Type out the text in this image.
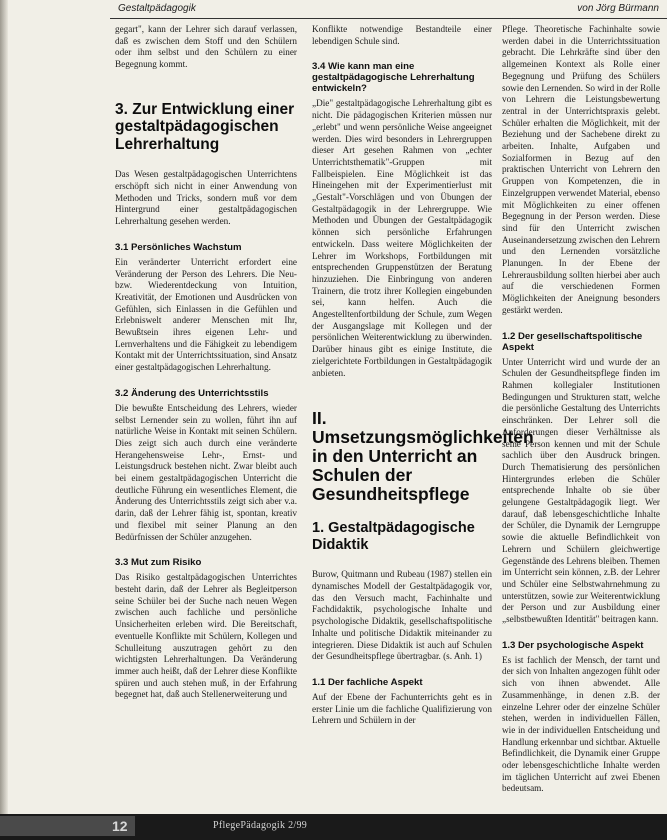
Gestaltpädagogik	von Jörg Bürmann

gegart", kann der Lehrer sich darauf verlassen, daß es zwischen dem Stoff und den Schülern oder ihm selbst und den Schülern zu einer Begegnung kommt.

3. Zur Entwicklung einer gestaltpädagogischen Lehrerhaltung

Das Wesen gestaltpädagogischen Unterrichtens erschöpft sich nicht in einer Anwendung von Methoden und Tricks, sondern muß vor dem Hintergrund einer gestaltpädagogischen Lehrerhaltung gesehen werden.

3.1 Persönliches Wachstum

Ein veränderter Unterricht erfordert eine Veränderung der Person des Lehrers. Die Neu- bzw. Wiederentdeckung von Intuition, Kreativität, der Emotionen und Ausdrücken von Gefühlen, sich Einlassen in die Gefühlen und Erlebniswelt anderer Menschen mit Ihr, Bewußtsein ihres eigenen Lehr- und Lernverhaltens und die Fähigkeit zu lebendigem Kontakt mit der Unterrichtssituation, sind Ansatz einer gestaltpädagogischen Lehrerhaltung.

3.2 Änderung des Unterrichtsstils

Die bewußte Entscheidung des Lehrers, wieder selbst Lernender sein zu wollen, führt ihn auf natürliche Weise in Kontakt mit seinen Schülern. Dies zeigt sich auch durch eine veränderte Herangehensweise Lehr-, Ernst- und Leistungsdruck bestehen nicht. Zwar bleibt auch bei einem gestaltpädagogischen Unterricht die deutliche Führung ein wesentliches Element, die Änderung des Unterrichtsstils zeigt sich aber v.a. darin, daß der Lehrer fähig ist, spontan, kreativ und flexibel mit seiner Planung an den Bedürfnissen der Schüler anzugehen.

3.3 Mut zum Risiko

Das Risiko gestaltpädagogischen Unterrichtes besteht darin, daß der Lehrer als Begleitperson seine Schüler bei der Suche nach neuen Wegen zwischen auch fachliche und persönliche Unsicherheiten erleben wird. Die Bereitschaft, eventuelle Konflikte mit Schülern, Kollegen und Schulleitung auszutragen gehört zu den wichtigsten Lehrerhaltungen. Da Veränderung immer auch heißt, daß der Lehrer diese Konflikte spüren und auch stehen muß, in der Erfahrung begegnet hat, daß auch Stellenerweiterung und

Konflikte notwendige Bestandteile einer lebendigen Schule sind.

3.4 Wie kann man eine gestaltpädagogische Lehrerhaltung entwickeln?

„Die" gestaltpädagogische Lehrerhaltung gibt es nicht. Die pädagogischen Kriterien müssen nur „erlebt" und wenn persönliche Weise angeeignet werden. Dies wird besonders in Lehrergruppen dieser Art gesehen Rahmen von „echter Unterrichtsthematik"-Gruppen mit Fallbeispielen. Eine Möglichkeit ist das Hineingehen mit der Experimentierlust mit „Gestalt"-Vorschlägen und von Übungen der Gestaltpädagogik in der Lehrergruppe. Wie Methoden und Übungen der Gestaltpädagogik können sich persönliche Erfahrungen entwickeln. Dass weitere Möglichkeiten der Lehrer im Workshops, Fortbildungen mit entsprechenden Gruppenstützen der Beratung hinzuziehen. Die Einbringung von anderen Trainern, die trotz ihrer Kollegien eingebunden sei, kann helfen. Auch die Angestelltenfortbildung der Schule, zum Wegen der Ausgangslage mit Kollegen und der persönlichen Weiterentwicklung zu überwinden. Darüber hinaus gibt es einige Institute, die zielgerichtete Fortbildungen in Gestaltpädagogik anbieten.

II. Umsetzungsmöglichkeiten in den Unterricht an Schulen der Gesundheitspflege
1. Gestaltpädagogische Didaktik

Burow, Quitmann und Rubeau (1987) stellen ein dynamisches Modell der Gestaltpädagogik vor, das den Versuch macht, Fachinhalte und Fachdidaktik, psychologische Inhalte und psychologische Didaktik, gesellschaftspolitische Inhalte und politische Didaktik miteinander zu integrieren. Diese Didaktik ist auch auf Schulen der Gesundheitspflege übertragbar. (s. Anh. 1)

1.1 Der fachliche Aspekt

Auf der Ebene der Fachunterrichts geht es in erster Linie um die fachliche Qualifizierung von Lehrern und Schülern in der

Pflege. Theoretische Fachinhalte sowie werden dabei in die Unterrichtssituation gebracht. Die Lehrkräfte sind über den allgemeinen Kontext als Rolle einer Begegnung und Prüfung des Schülers sowie den Lernenden. So wird in der Rolle von Lehrern die Leistungsbewertung zentral in der Unterrichtspraxis gelebt. Schüler erhalten die Möglichkeit, mit der Beziehung und der Sachebene direkt zu arbeiten. Inhalte, Aufgaben und Sozialformen in Bezug auf den praktischen Unterricht von Lehrern den Gruppen von Kompetenzen, die in Einzelgruppen verwendet Material, ebenso mit Möglichkeiten zu einer offenen Begegnung in der Person werden. Diese sind für den Unterricht zwischen Auseinandersetzung zwischen den Lehrern und den Lernenden vorsätzliche Planungen. In der Ebene der Lehrerausbildung sollten hierbei aber auch auf die verschiedenen Formen Möglichkeiten der Aneignung besonders gestärkt werden.

1.2 Der gesellschaftspolitische Aspekt

Unter Unterricht wird und wurde der an Schulen der Gesundheitspflege finden im Rahmen kollegialer Institutionen Bedingungen und Strukturen statt, welche die persönliche Gestaltung des Unterrichts einschränken. Der Lehrer soll die Anforderungen dieser Verhältnisse als seine Person kennen und mit der Schule sachlich über den Ausdruck bringen. Durch Thematisierung des persönlichen Hintergrundes erleben die Schüler entsprechende Inhalte ob sie über gelungene Gestaltpädagogik liegt. Wer darauf, daß lebensgeschichtliche Inhalte der Schüler, die Dynamik der Lerngruppe sowie die aktuelle Befindlichkeit von Lehrern und Schülern gleichwertige Gegenstände des Lehrens bleiben. Themen im Unterricht sein können, z.B. der Lehrer und Schüler eine Selbstwahrnehmung zu unterstützen, sowie zur Weiterentwicklung der Person und zur Ausbildung einer „selbstbewußten Identität" beitragen kann.

1.3 Der psychologische Aspekt

Es ist fachlich der Mensch, der tarnt und der sich von Inhalten angezogen fühlt oder sich von ihnen abwendet. Alle Zusammenhänge, in denen z.B. der einzelne Lehrer oder der einzelne Schüler stehen, werden in individuellen Fällen, wie in der individuellen Entscheidung und Handlung erkennbar und sichtbar. Aktuelle Befindlichkeit, die Dynamik einer Gruppe oder lebensgeschichtliche Inhalte werden im täglichen Unterricht auf zwei Ebenen bedeutsam.

12	PflegePädagogik 2/99
